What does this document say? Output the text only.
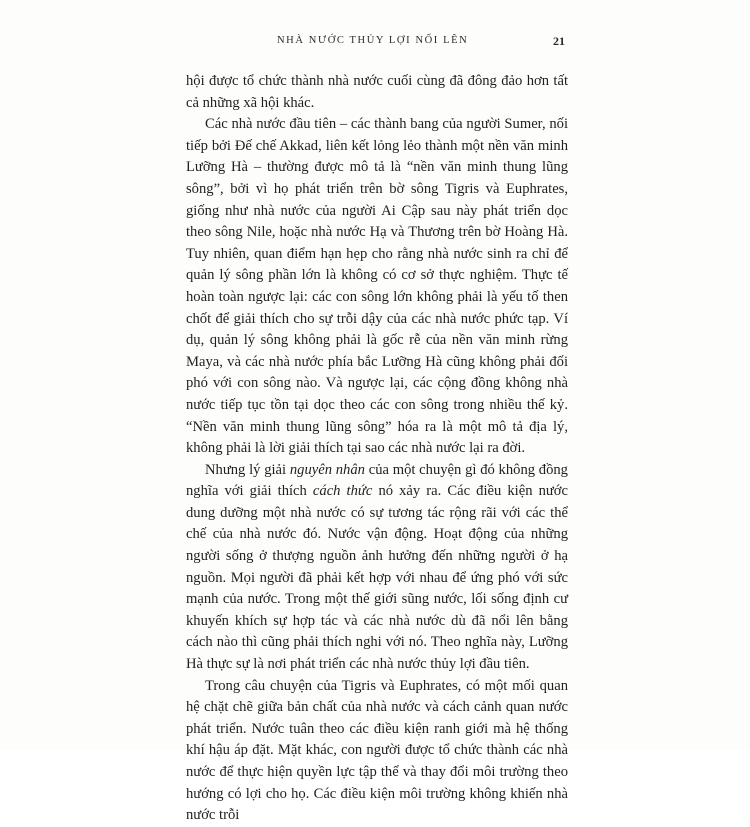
NHÀ NƯỚC THỦY LỢI NỔI LÊN	21

hội được tổ chức thành nhà nước cuối cùng đã đông đảo hơn tất cả những xã hội khác.

Các nhà nước đầu tiên – các thành bang của người Sumer, nối tiếp bởi Đế chế Akkad, liên kết lỏng lẻo thành một nền văn minh Lưỡng Hà – thường được mô tả là “nền văn minh thung lũng sông”, bởi vì họ phát triển trên bờ sông Tigris và Euphrates, giống như nhà nước của người Ai Cập sau này phát triển dọc theo sông Nile, hoặc nhà nước Hạ và Thương trên bờ Hoàng Hà. Tuy nhiên, quan điểm hạn hẹp cho rằng nhà nước sinh ra chỉ để quản lý sông phần lớn là không có cơ sở thực nghiệm. Thực tế hoàn toàn ngược lại: các con sông lớn không phải là yếu tố then chốt để giải thích cho sự trỗi dậy của các nhà nước phức tạp. Ví dụ, quản lý sông không phải là gốc rễ của nền văn minh rừng Maya, và các nhà nước phía bắc Lưỡng Hà cũng không phải đối phó với con sông nào. Và ngược lại, các cộng đồng không nhà nước tiếp tục tồn tại dọc theo các con sông trong nhiều thế kỷ. “Nền văn minh thung lũng sông” hóa ra là một mô tả địa lý, không phải là lời giải thích tại sao các nhà nước lại ra đời.

Nhưng lý giải nguyên nhân của một chuyện gì đó không đồng nghĩa với giải thích cách thức nó xảy ra. Các điều kiện nước dung dưỡng một nhà nước có sự tương tác rộng rãi với các thể chế của nhà nước đó. Nước vận động. Hoạt động của những người sống ở thượng nguồn ảnh hưởng đến những người ở hạ nguồn. Mọi người đã phải kết hợp với nhau để ứng phó với sức mạnh của nước. Trong một thế giới sũng nước, lối sống định cư khuyến khích sự hợp tác và các nhà nước dù đã nổi lên bằng cách nào thì cũng phải thích nghi với nó. Theo nghĩa này, Lưỡng Hà thực sự là nơi phát triển các nhà nước thủy lợi đầu tiên.

Trong câu chuyện của Tigris và Euphrates, có một mối quan hệ chặt chẽ giữa bản chất của nhà nước và cách cảnh quan nước phát triển. Nước tuân theo các điều kiện ranh giới mà hệ thống khí hậu áp đặt. Mặt khác, con người được tổ chức thành các nhà nước để thực hiện quyền lực tập thể và thay đổi môi trường theo hướng có lợi cho họ. Các điều kiện môi trường không khiến nhà nước trỗi
